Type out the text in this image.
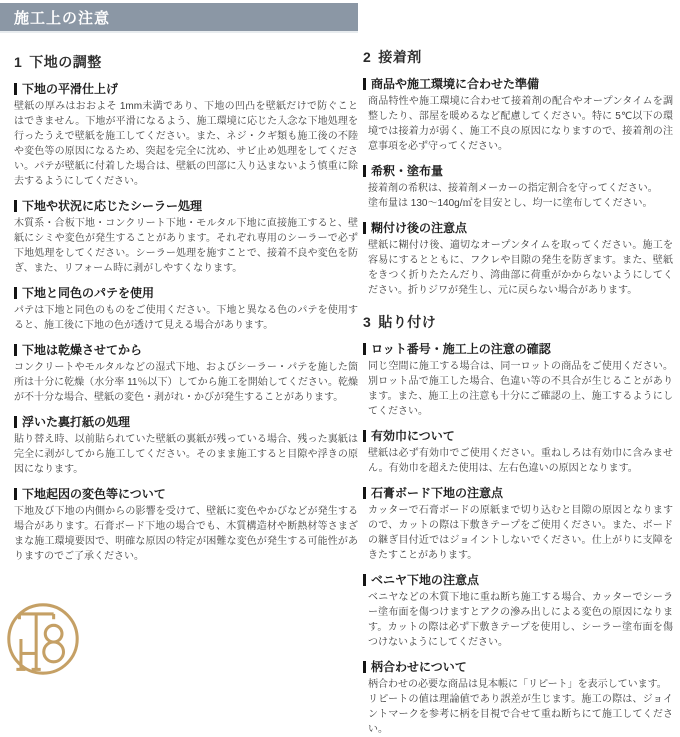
施工上の注意
1 下地の調整
下地の平滑仕上げ

壁紙の厚みはおおよそ 1mm未満であり、下地の凹凸を壁紙だけで防ぐことはできません。下地が平滑になるよう、施工環境に応じた入念な下地処理を行ったうえで壁紙を施工してください。また、ネジ・クギ類も施工後の不陸や変色等の原因になるため、突起を完全に沈め、サビ止め処理をしてください。パテが壁紙に付着した場合は、壁紙の凹部に入り込まないよう慎重に除去するようにしてください。

下地や状況に応じたシーラー処理

木質系・合板下地・コンクリート下地・モルタル下地に直接施工すると、壁紙にシミや変色が発生することがあります。それぞれ専用のシーラーで必ず下地処理をしてください。シーラー処理を施すことで、接着不良や変色を防ぎ、また、リフォーム時に剥がしやすくなります。

下地と同色のパテを使用

パテは下地と同色のものをご使用ください。下地と異なる色のパテを使用すると、施工後に下地の色が透けて見える場合があります。

下地は乾燥させてから

コンクリートやモルタルなどの湿式下地、およびシーラー・パテを施した箇所は十分に乾燥（水分率 11％以下）してから施工を開始してください。乾燥が不十分な場合、壁紙の変色・剥がれ・かびが発生することがあります。

浮いた裏打紙の処理

貼り替え時、以前貼られていた壁紙の裏紙が残っている場合、残った裏紙は完全に剥がしてから施工してください。そのまま施工すると目隙や浮きの原因になります。

下地起因の変色等について

下地及び下地の内側からの影響を受けて、壁紙に変色やかびなどが発生する場合があります。石膏ボード下地の場合でも、木質構造材や断熱材等さまざまな施工環境要因で、明確な原因の特定が困難な変色が発生する可能性がありますのでご了承ください。

2 接着剤
商品や施工環境に合わせた準備

商品特性や施工環境に合わせて接着剤の配合やオープンタイムを調整したり、部屋を暖めるなど配慮してください。特に 5℃以下の環境では接着力が弱く、施工不良の原因になりますので、接着剤の注意事項を必ず守ってください。

希釈・塗布量

接着剤の希釈は、接着剤メーカーの指定割合を守ってください。

塗布量は 130〜140g/㎡を目安とし、均一に塗布してください。

糊付け後の注意点

壁紙に糊付け後、適切なオープンタイムを取ってください。施工を容易にするとともに、フクレや目隙の発生を防ぎます。また、壁紙をきつく折りたたんだり、湾曲部に荷重がかからないようにしてください。折りジワが発生し、元に戻らない場合があります。

3 貼り付け
ロット番号・施工上の注意の確認

同じ空間に施工する場合は、同一ロットの商品をご使用ください。別ロット品で施工した場合、色違い等の不具合が生じることがあります。また、施工上の注意も十分にご確認の上、施工するようにしてください。

有効巾について

壁紙は必ず有効巾でご使用ください。重ねしろは有効巾に含みません。有効巾を超えた使用は、左右色違いの原因となります。

石膏ボード下地の注意点

カッターで石膏ボードの原紙まで切り込むと目隙の原因となりますので、カットの際は下敷きテープをご使用ください。また、ボードの継ぎ目付近ではジョイントしないでください。仕上がりに支障をきたすことがあります。

ベニヤ下地の注意点

ベニヤなどの木質下地に重ね断ち施工する場合、カッターでシーラー塗布面を傷つけますとアクの滲み出しによる変色の原因になります。カットの際は必ず下敷きテープを使用し、シーラー塗布面を傷つけないようにしてください。

柄合わせについて

柄合わせの必要な商品は見本帳に「リピート」を表示しています。

リピートの値は理論値であり誤差が生じます。施工の際は、ジョイントマークを参考に柄を目視で合せて重ね断ちにて施工してください。
